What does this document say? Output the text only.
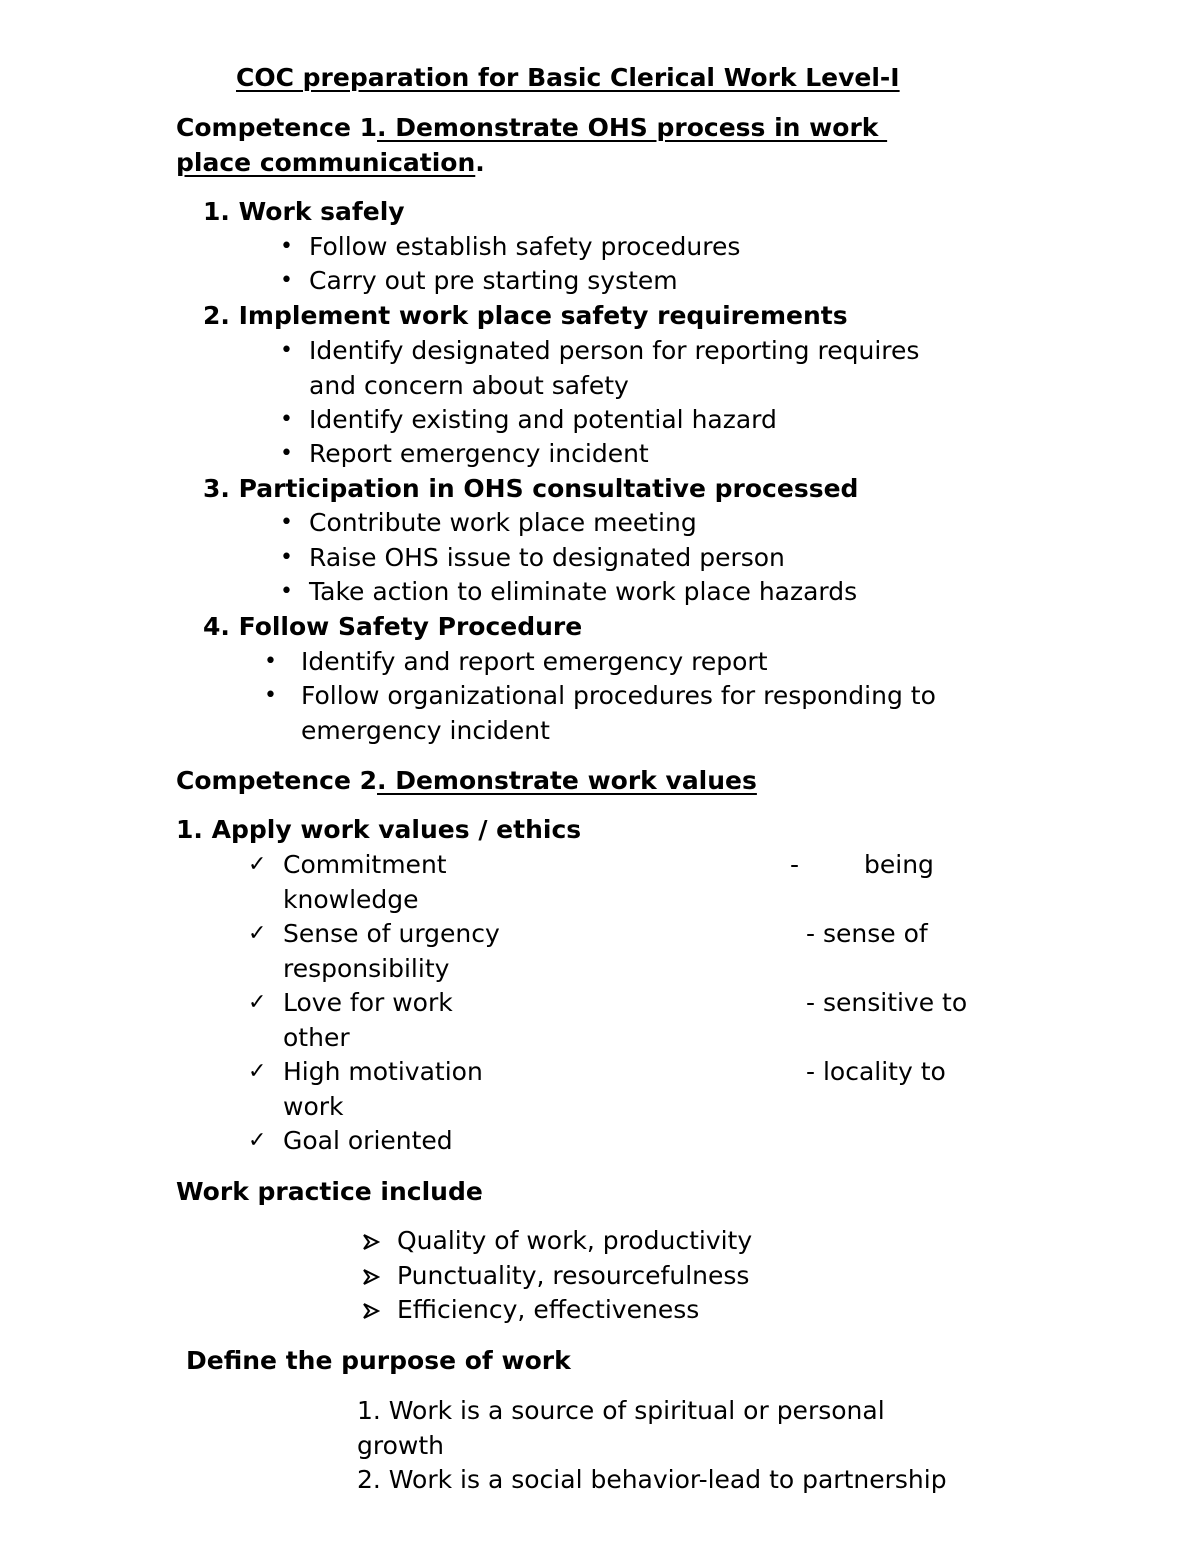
COC preparation for Basic Clerical Work Level-I

Competence 1. Demonstrate OHS process in work

place communication.

1. Work safely

• Follow establish safety procedures

• Carry out pre starting system

2. Implement work place safety requirements

• Identify designated person for reporting requires

and concern about safety

• Identify existing and potential hazard

• Report emergency incident

3. Participation in OHS consultative processed

• Contribute work place meeting

• Raise OHS issue to designated person

• Take action to eliminate work place hazards

4. Follow Safety Procedure

• Identify and report emergency report

• Follow organizational procedures for responding to

emergency incident

Competence 2. Demonstrate work values

1. Apply work values / ethics

✓ Commitment	-	being

knowledge

✓ Sense of urgency	- sense of

responsibility

✓ Love for work	- sensitive to

other

✓ High motivation	- locality to

work

✓ Goal oriented

Work practice include

Quality of work, productivity

Punctuality, resourcefulness

Efficiency, effectiveness

Define the purpose of work

1. Work is a source of spiritual or personal

growth

2. Work is a social behavior-lead to partnership
